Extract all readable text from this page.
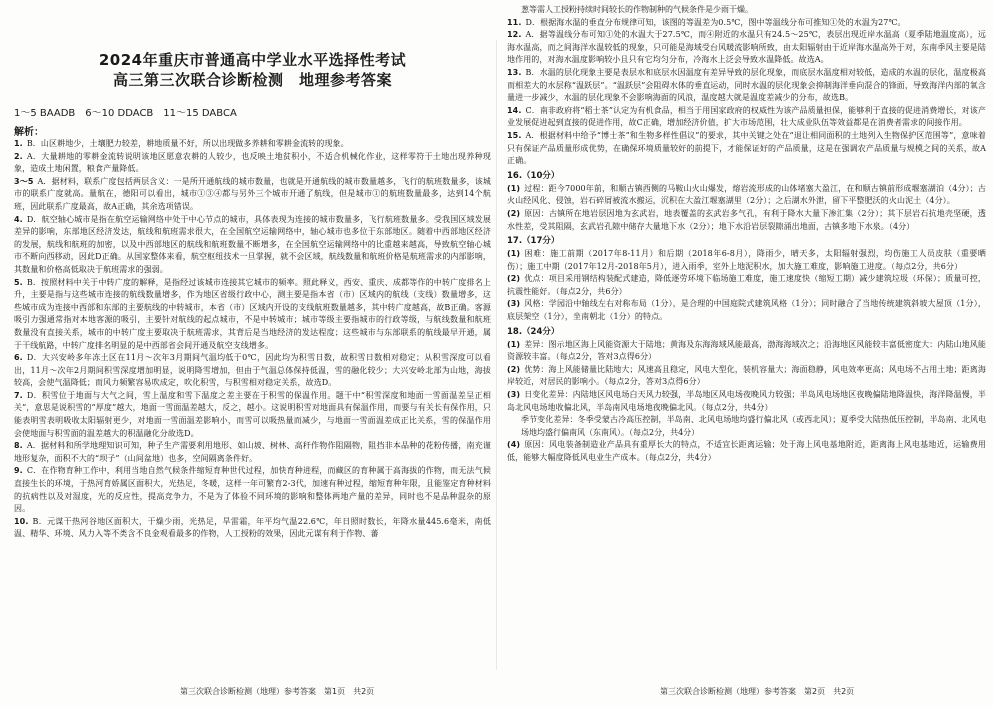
2024年重庆市普通高中学业水平选择性考试
高三第三次联合诊断检测　地理参考答案
1～5 BAADB　6～10 DDACB　11～15 DABCA
解析：

1. B．山区耕地少，土壤肥力较差，耕地质量不好，所以出现做多养耕和零耕金流转的现象。

2. A．大量耕地的零耕金流转说明该地区愿意农耕的人较少，也反映土地贫积小，不适合机械化作业，这样零符于土地出现养种现象，造成土地闲置，粮食产量降低。

3～5 A．据材料，联系广度包括两层含义：一是所开通航线的城市数量，也就是开通航线的城市数量越多，飞行的航班数量多，该城市的联系广度就高。量航在，德阳可以看出，城市①③④都与另外三个城市开通了航线，但是城市①的航班数量最多，达到14个航班，因此联系广度最高，故A正确，其余选项错误。

4. D．航空轴心城市是指在航空运输网络中处于中心节点的城市，具体表现为连接的城市数量多，飞行航班数量多。受我国区域发展差异的影响，东部地区经济发达，航线和航班需求很大，在全国航空运输网络中，轴心城市也多位于东部地区。随着中西部地区经济的发展，航线和航班的加密，以及中西部地区的航线和航班数量不断增多，在全国航空运输网络中的比重越来越高，导致航空轴心城市不断向西移动，因此D正确。从国家整体来看，航空枢纽技术一旦掌握，就不会区域，航线数量和航班价格是航班需求的内部影响，其数量和价格高低取决于航班需求的强弱。

5. B．按照材料中关于中转广度的解释，是指经过该城市连接其它城市的频率。照此释义，西安、重庆、成都等作的中转广度排名上升，主要是指与这些城市连接的航线数量增多，作为地区省级行政中心，测主要是指本省（市）区域内的航线（支线）数量增多，这些城市成为连接中西部和东部的主要航线的中转城市，本省（市）区域内开设的支线航班数量越多，其中转广度越高，故B正确。客源吸引力强通常指对本地客源的吸引，主要针对航线的起点城市，不是中转城市；城市等级主要指城市的行政等级，与航线数量和航班数量没有直接关系，城市的中转广度主要取决于航班需求，其背后是当地经济的发达程度；这些城市与东部联系的航线最早开通，属于干线航路，中转广度排名明显的是中西部省会间开通及航空支线增多。

6. D．大兴安岭多年冻土区在11月～次年3月期间气温均低于0℃，因此均为积雪日数，故积雪日数相对稳定；从积雪深度可以看出，11月～次年2月期间积雪深度增加明显，说明降雪增加，但由于气温总体保持低温，雪的融化较少；大兴安岭北部为山地，海拔较高，会使气温降低；而风力频繁容易吹成定，吹化积雪，与积雪相对稳定关系，故选D。

7. D．积雪位于地面与大气之间，雪上温度和雪下温度之差主要在于积雪的保温作用。题干中“积雪深度和地面一雪面温差呈正相关”，意思是说积雪的“厚度”越大，地面一雪面温差越大，反之，越小。这说明积雪对地面具有保温作用，而要与有关长有保作用，只能表明雪表明吸收太阳辐射更少，对地面一雪面温差影响小，而雪可以吸热量而减少，与地面一雪面温差成正比关系，雪的保温作用会使地面与积雪面的温差越大的积温融化分故选D。

8. A．据材料和所学地理知识可知，种子生产需要利用地形、如山坡、树林、高秆作物作阻隔物，阻挡非本品种的花粉传播，南充谨地形复杂，面积不大的“坝子”（山间盆地）也多，空间隔离条件好。

9. C．在作物育种工作中，利用当地自然气候条件缩短育种世代过程，加快育种进程，而藏区的育种属于高海拔的作物，而无法气候直接生长的环境，于热河育娇属区面积大，光热足，冬暖，这样一年可繁育2-3代，加速有种过程，缩短育种年限，且能鉴定育种材料的抗病性以及对湿度，光的反应性，提高竞争力，不是为了体验不同环境的影响和整体两地产量的差异，同时也不是品种混杂的原因。

10. B．元谋干热河谷地区面积大，干燥少雨，光热足，旱雷霜，年平均气温22.6℃，年日照时数长，年降水量445.6毫米，南低温、精华、环境、风力入等不类含不良金观看最多的作物，人工授粉的效果，因此元谋有利于作物、蕃

葱等需人工授粉持续时间较长的作物制种的气候条件是少雨干燥。

11. D．根据海水温的垂直分布规律可知，该图的等温差为0.5℃，图中等温线分布可推知①处的水温为27℃。

12. A．据等温线分布可知①处的水温大于27.5℃，而④附近的水温只有24.5～25℃，表层出现近岸水温高（夏季陆地温度高），远海水温高，而之间海洋水温较低的现象，只可能是海域受台风暖流影响所致，由太阳辐射由于近岸海水温高外于对，东南季风主要是陆地作用的，对海水温度影响较小且只有它均匀分布，冷海水上泛会导致水温降低。故选A。

13. B．水温的层化现象主要是表层水和底层水因温度有差异导致的层化现象，而底层水温度相对较低，造成的水温的层化，温度极高而相差大的水层称“温跃层”。“温跃层”会阻碍水体的垂直运动，同时水温的层化现象会抑制海洋垂向混合的锋面，导致海洋内部的氧含量进一步减少，水温的层化现象不会影响海面的风浪，温度越大就是温度差减少的分布，故选B。

14. C．南非政府将“稻士茶”认定为有机食品，相当于用国家政府的权威性为该产品质量担保，能够利于直接的促进消费增长，对该产业发展促进起到直接的促进作用，故C正确，增加经济价值，扩大市场范围，壮大成业队伍等效益都是在消费者需求的间接作用。

15. A．根据材料中给予“博士茶”和生物多样性倡议”的要求，其中关键之处在“退让相同面积的土地列入生物保护区范围等”，意味着只有保证产品质量形成优势，在确保环境质量较好的前提下，才能保证好的产品质量，这是在强调农产品质量与规模之间的关系，故A正确。

16.（10分）

(1) 过程：距今7000年前，和顺古镇西侧的马鞍山火山爆发，熔岩流形成的山体堵塞大盈江，在和顺古镇前形成堰塞湖泊（4分）；古火山经风化、侵蚀，岩石碎屑被流水搬运，沉积在大盈江堰塞湖里（2分）；之后湖水外泄，留下平整肥沃的火山泥土（4分）。

(2) 原因：古镇所在地岩层因地为玄武岩，地表覆盖的玄武岩多气孔，有利于降水大量下渗汇集（2分）；其下层岩石抗地壳坚硬，透水性差，受其阻隔，玄武岩孔隙中储存大量地下水（2分）；地下水沿岩层裂隙涌出地面，古镇多地下水泉。（4分）

17.（17分）

(1) 困难：施工前期（2017年8-11月）和后期（2018年6-8月），降雨少，晴天多，太阳辐射强烈，均伤施工人员皮肤（重要晒伤）；施工中期（2017年12月-2018年5月），进入雨季，室外上地泥积水，加大施工难度，影响施工进度。（每点2分，共6分）

(2) 优点：项目采用钢结构装配式建造，降低逐劳环境下临场施工难度，施工速度快（缩短工期）减少建筑垃圾（环保）；质量可控，抗震性能好。（每点2分，共6分）

(3) 风格：学园沿中轴线左右对称布局（1分），是合理的中国庭院式建筑风格（1分）；同时融合了当地传统建筑斜坡大屋顶（1分），底层架空（1分），坐南朝北（1分）的特点。

18.（24分）

(1) 差异：图示地区海上风能资源大于陆地；黄海及东海海域风能最高，渤海海域次之；沿海地区风能较丰富低密度大：内陆山地风能资源较丰富。（每点2分，答对3点得6分）

(2) 优势：海上风能储量比陆地大；风速高且稳定，风电大型化，装机容量大；海面稳静，风电效率更高；风电场不占用土地；距离海岸较近，对居民的影响小。（每点2分，答对3点得6分）

(3) 日变化差异：内陆地区风电场白天风力较强，半岛地区风电场夜晚风力较强；半岛风电场地区夜晚偏陆地降温快，海洋降温慢，半岛北风电场地收偏北风，半岛南风电场地夜晚偏北风。（每点2分，共4分）

季节变化差异：冬季受蒙古冷高压控制，半岛南、北风电场地均盛行偏北风（或西北风）；夏季受大陆热低压控制，半岛南、北风电场地均盛行偏南风（东南风）。（每点2分，共4分）

(4) 原因：风电装备制造业产品具有重厚长大的特点，不适宜长距离运输；处于海上风电基地附近，距离海上风电基地近，运输费用低，能够大幅度降低风电业生产成本。（每点2分，共4分）

第三次联合诊断检测（地理）参考答案　第1页　共2页	第三次联合诊断检测（地理）参考答案　第2页　共2页
